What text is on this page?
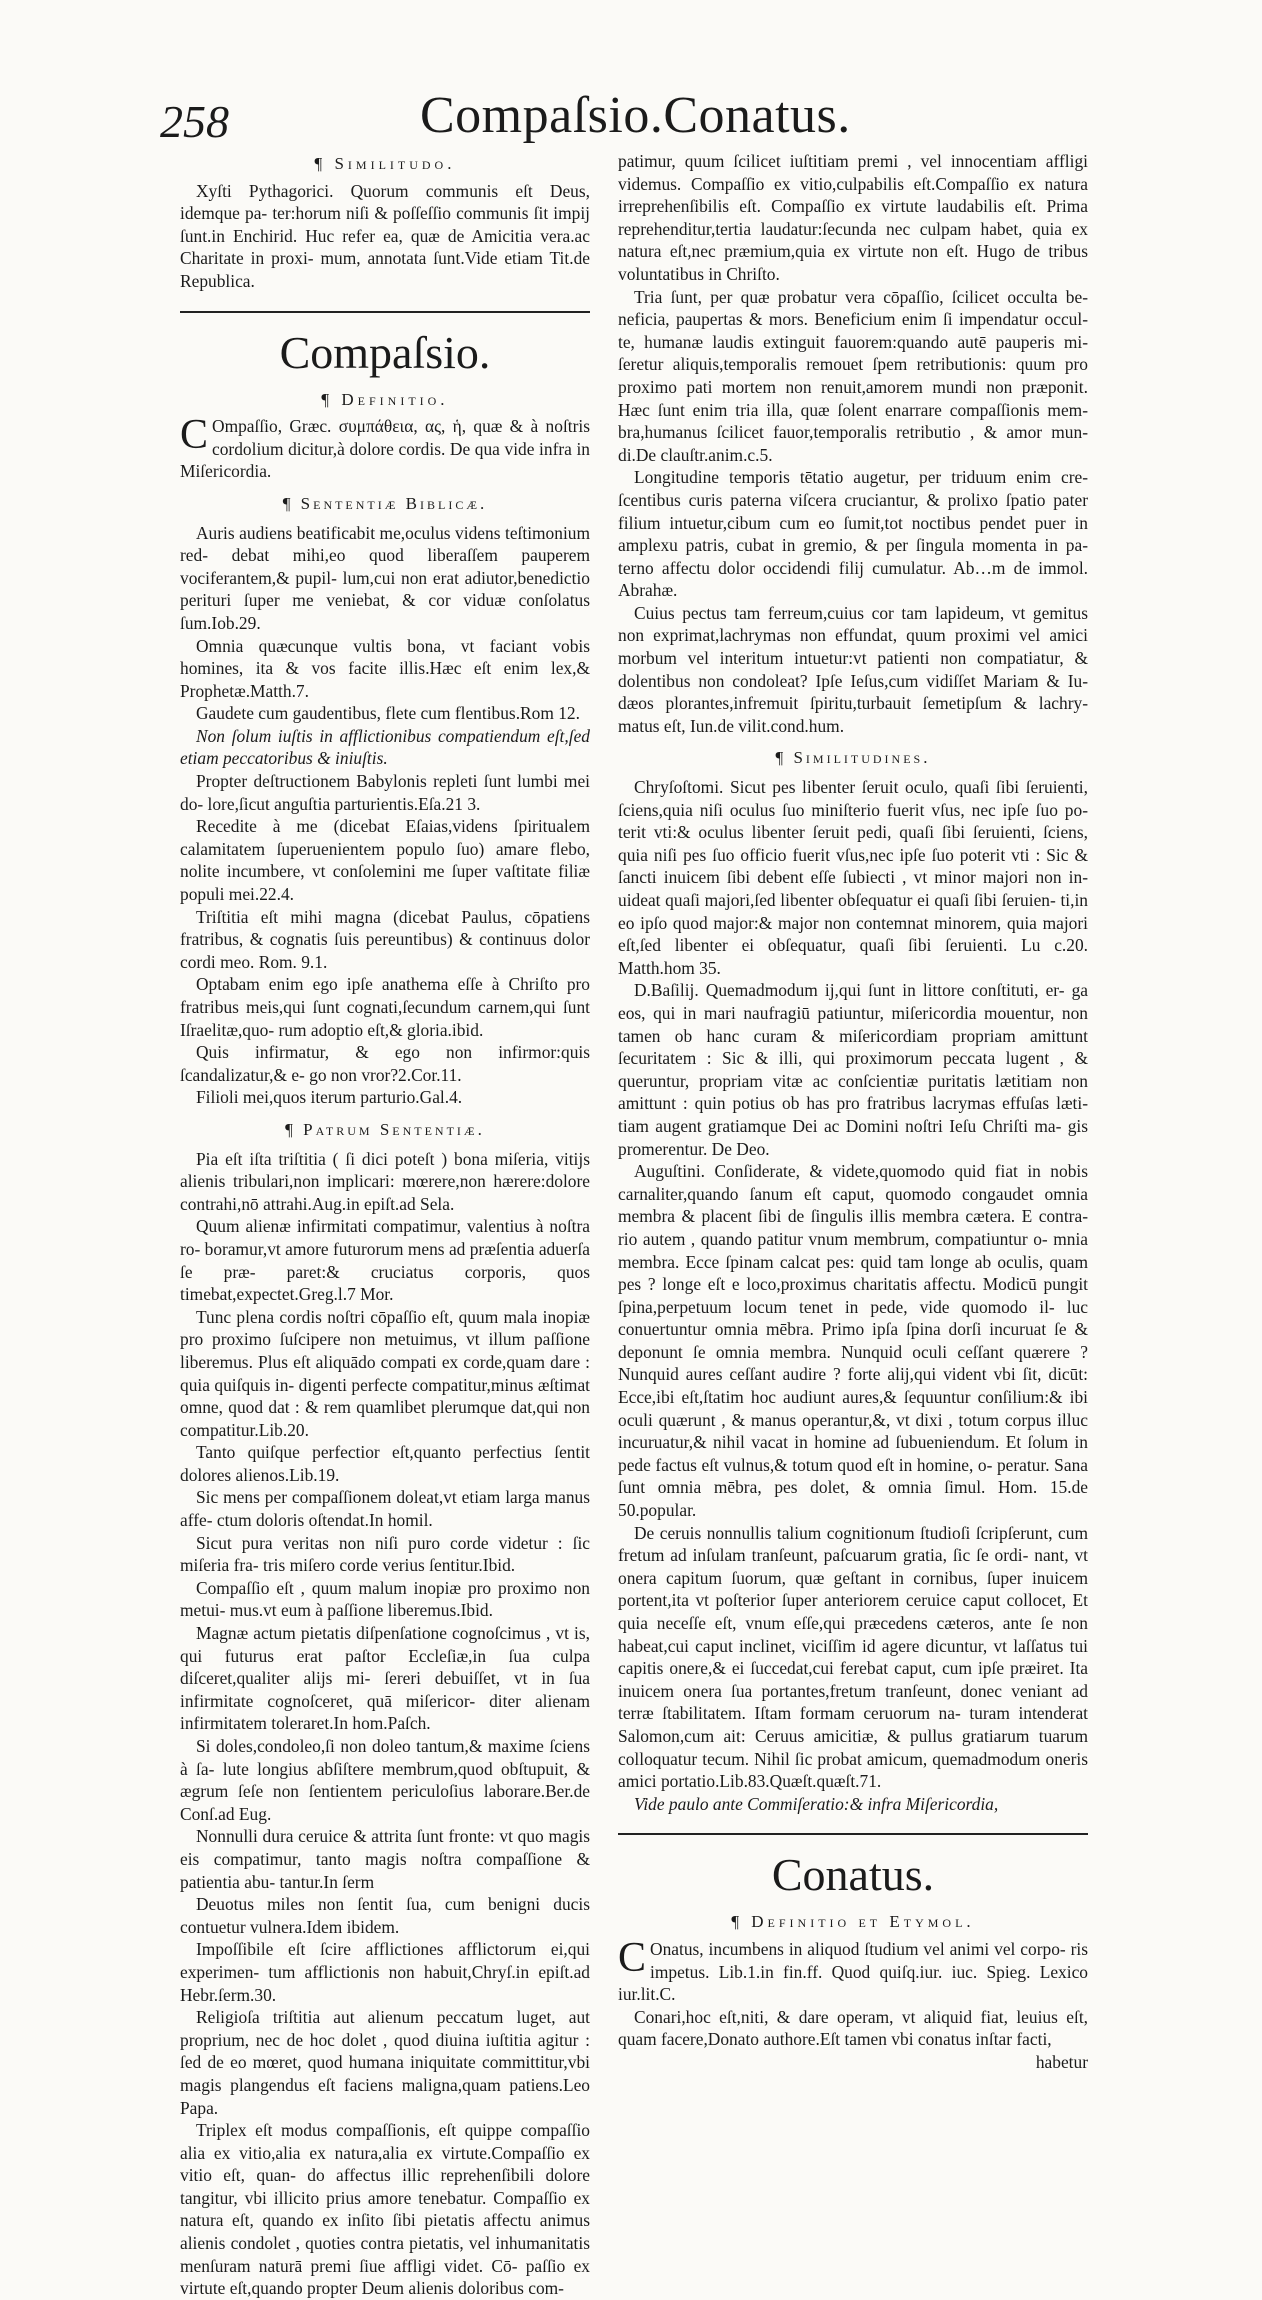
258	Compaſsio.Conatus.
¶ Similitudo.

Xyſti Pythagorici. Quorum communis eſt Deus, idemque pa- ter:horum niſi & poſſeſſio communis ſit impij ſunt.in Enchirid. Huc refer ea, quæ de Amicitia vera.ac Charitate in proxi- mum, annotata ſunt.Vide etiam Tit.de Republica.

Compaſsio.
¶ Definitio.

C Ompaſſio, Græc. συμπάθεια, ας, ἡ, quæ & à noſtris cordolium dicitur,à dolore cordis. De qua vide infra in Miſericordia.

¶ Sententiæ Biblicæ.

Auris audiens beatificabit me,oculus videns teſtimonium red- debat mihi,eo quod liberaſſem pauperem vociferantem,& pupil- lum,cui non erat adiutor,benedictio perituri ſuper me veniebat, & cor viduæ conſolatus ſum.Iob.29.

Omnia quæcunque vultis bona, vt faciant vobis homines, ita & vos facite illis.Hæc eſt enim lex,& Prophetæ.Matth.7.

Gaudete cum gaudentibus, flete cum flentibus.Rom 12.

Non ſolum iuſtis in afflictionibus compatiendum eſt,ſed etiam peccatoribus & iniuſtis.

Propter deſtructionem Babylonis repleti ſunt lumbi mei do- lore,ſicut anguſtia parturientis.Eſa.21 3.

Recedite à me (dicebat Eſaias,videns ſpiritualem calamitatem ſuperuenientem populo ſuo) amare flebo, nolite incumbere, vt conſolemini me ſuper vaſtitate filiæ populi mei.22.4.

Triſtitia eſt mihi magna (dicebat Paulus, cōpatiens fratribus, & cognatis ſuis pereuntibus) & continuus dolor cordi meo. Rom. 9.1.

Optabam enim ego ipſe anathema eſſe à Chriſto pro fratribus meis,qui ſunt cognati,ſecundum carnem,qui ſunt Iſraelitæ,quo- rum adoptio eſt,& gloria.ibid.

Quis infirmatur, & ego non infirmor:quis ſcandalizatur,& e- go non vror?2.Cor.11.

Filioli mei,quos iterum parturio.Gal.4.

¶ Patrum Sententiæ.

Pia eſt iſta triſtitia ( ſi dici poteſt ) bona miſeria, vitijs alienis tribulari,non implicari: mœrere,non hærere:dolore contrahi,nō attrahi.Aug.in epiſt.ad Sela.

Quum alienæ infirmitati compatimur, valentius à noſtra ro- boramur,vt amore futurorum mens ad præſentia aduerſa ſe præ- paret:& cruciatus corporis, quos timebat,expectet.Greg.l.7 Mor.

Tunc plena cordis noſtri cōpaſſio eſt, quum mala inopiæ pro proximo ſuſcipere non metuimus, vt illum paſſione liberemus. Plus eſt aliquādo compati ex corde,quam dare : quia quiſquis in- digenti perfecte compatitur,minus æſtimat omne, quod dat : & rem quamlibet plerumque dat,qui non compatitur.Lib.20.

Tanto quiſque perfectior eſt,quanto perfectius ſentit dolores alienos.Lib.19.

Sic mens per compaſſionem doleat,vt etiam larga manus affe- ctum doloris oſtendat.In homil.

Sicut pura veritas non niſi puro corde videtur : ſic miſeria fra- tris miſero corde verius ſentitur.Ibid.

Compaſſio eſt , quum malum inopiæ pro proximo non metui- mus.vt eum à paſſione liberemus.Ibid.

Magnæ actum pietatis diſpenſatione cognoſcimus , vt is, qui futurus erat paſtor Eccleſiæ,in ſua culpa diſceret,qualiter alijs mi- ſereri debuiſſet, vt in ſua infirmitate cognoſceret, quā miſericor- diter alienam infirmitatem toleraret.In hom.Paſch.

Si doles,condoleo,ſi non doleo tantum,& maxime ſciens à ſa- lute longius abſiſtere membrum,quod obſtupuit, & ægrum ſeſe non ſentientem periculoſius laborare.Ber.de Conſ.ad Eug.

Nonnulli dura ceruice & attrita ſunt fronte: vt quo magis eis compatimur, tanto magis noſtra compaſſione & patientia abu- tantur.In ſerm

Deuotus miles non ſentit ſua, cum benigni ducis contuetur vulnera.Idem ibidem.

Impoſſibile eſt ſcire afflictiones afflictorum ei,qui experimen- tum afflictionis non habuit,Chryſ.in epiſt.ad Hebr.ſerm.30.

Religioſa triſtitia aut alienum peccatum luget, aut proprium, nec de hoc dolet , quod diuina iuſtitia agitur : ſed de eo mœret, quod humana iniquitate committitur,vbi magis plangendus eſt faciens maligna,quam patiens.Leo Papa.

Triplex eſt modus compaſſionis, eſt quippe compaſſio alia ex vitio,alia ex natura,alia ex virtute.Compaſſio ex vitio eſt, quan- do affectus illic reprehenſibili dolore tangitur, vbi illicito prius amore tenebatur. Compaſſio ex natura eſt, quando ex inſito ſibi pietatis affectu animus alienis condolet , quoties contra pietatis, vel inhumanitatis menſuram naturā premi ſiue affligi videt. Cō- paſſio ex virtute eſt,quando propter Deum alienis doloribus com-

patimur, quum ſcilicet iuſtitiam premi , vel innocentiam affligi videmus. Compaſſio ex vitio,culpabilis eſt.Compaſſio ex natura irreprehenſibilis eſt. Compaſſio ex virtute laudabilis eſt. Prima reprehenditur,tertia laudatur:ſecunda nec culpam habet, quia ex natura eſt,nec præmium,quia ex virtute non eſt. Hugo de tribus voluntatibus in Chriſto.

Tria ſunt, per quæ probatur vera cōpaſſio, ſcilicet occulta be- neficia, paupertas & mors. Beneficium enim ſi impendatur occul- te, humanæ laudis extinguit fauorem:quando autē pauperis mi- ſeretur aliquis,temporalis remouet ſpem retributionis: quum pro proximo pati mortem non renuit,amorem mundi non præponit. Hæc ſunt enim tria illa, quæ ſolent enarrare compaſſionis mem- bra,humanus ſcilicet fauor,temporalis retributio , & amor mun- di.De clauſtr.anim.c.5.

Longitudine temporis tētatio augetur, per triduum enim cre- ſcentibus curis paterna viſcera cruciantur, & prolixo ſpatio pater filium intuetur,cibum cum eo ſumit,tot noctibus pendet puer in amplexu patris, cubat in gremio, & per ſingula momenta in pa- terno affectu dolor occidendi filij cumulatur. Ab…m de immol. Abrahæ.

Cuius pectus tam ferreum,cuius cor tam lapideum, vt gemitus non exprimat,lachrymas non effundat, quum proximi vel amici morbum vel interitum intuetur:vt patienti non compatiatur, & dolentibus non condoleat? Ipſe Ieſus,cum vidiſſet Mariam & Iu- dæos plorantes,infremuit ſpiritu,turbauit ſemetipſum & lachry- matus eſt, Iun.de vilit.cond.hum.

¶ Similitudines.

Chryſoſtomi. Sicut pes libenter ſeruit oculo, quaſi ſibi ſeruienti, ſciens,quia niſi oculus ſuo miniſterio fuerit vſus, nec ipſe ſuo po- terit vti:& oculus libenter ſeruit pedi, quaſi ſibi ſeruienti, ſciens, quia niſi pes ſuo officio fuerit vſus,nec ipſe ſuo poterit vti : Sic & ſancti inuicem ſibi debent eſſe ſubiecti , vt minor majori non in- uideat quaſi majori,ſed libenter obſequatur ei quaſi ſibi ſeruien- ti,in eo ipſo quod major:& major non contemnat minorem, quia majori eſt,ſed libenter ei obſequatur, quaſi ſibi ſeruienti. Lu c.20. Matth.hom 35.

D.Baſilij. Quemadmodum ij,qui ſunt in littore conſtituti, er- ga eos, qui in mari naufragiū patiuntur, miſericordia mouentur, non tamen ob hanc curam & miſericordiam propriam amittunt ſecuritatem : Sic & illi, qui proximorum peccata lugent , & queruntur, propriam vitæ ac conſcientiæ puritatis lætitiam non amittunt : quin potius ob has pro fratribus lacrymas effuſas læti- tiam augent gratiamque Dei ac Domini noſtri Ieſu Chriſti ma- gis promerentur. De Deo.

Auguſtini. Conſiderate, & videte,quomodo quid fiat in nobis carnaliter,quando ſanum eſt caput, quomodo congaudet omnia membra & placent ſibi de ſingulis illis membra cætera. E contra- rio autem , quando patitur vnum membrum, compatiuntur o- mnia membra. Ecce ſpinam calcat pes: quid tam longe ab oculis, quam pes ? longe eſt e loco,proximus charitatis affectu. Modicū pungit ſpina,perpetuum locum tenet in pede, vide quomodo il- luc conuertuntur omnia mēbra. Primo ipſa ſpina dorſi incuruat ſe & deponunt ſe omnia membra. Nunquid oculi ceſſant quærere ? Nunquid aures ceſſant audire ? forte alij,qui vident vbi ſit, dicūt: Ecce,ibi eſt,ſtatim hoc audiunt aures,& ſequuntur conſilium:& ibi oculi quærunt , & manus operantur,&, vt dixi , totum corpus illuc incuruatur,& nihil vacat in homine ad ſubueniendum. Et ſolum in pede factus eſt vulnus,& totum quod eſt in homine, o- peratur. Sana ſunt omnia mēbra, pes dolet, & omnia ſimul. Hom. 15.de 50.popular.

De ceruis nonnullis talium cognitionum ſtudioſi ſcripſerunt, cum fretum ad inſulam tranſeunt, paſcuarum gratia, ſic ſe ordi- nant, vt onera capitum ſuorum, quæ geſtant in cornibus, ſuper inuicem portent,ita vt poſterior ſuper anteriorem ceruice caput collocet, Et quia neceſſe eſt, vnum eſſe,qui præcedens cæteros, ante ſe non habeat,cui caput inclinet, viciſſim id agere dicuntur, vt laſſatus tui capitis onere,& ei ſuccedat,cui ferebat caput, cum ipſe præiret. Ita inuicem onera ſua portantes,fretum tranſeunt, donec veniant ad terræ ſtabilitatem. Iſtam formam ceruorum na- turam intenderat Salomon,cum ait: Ceruus amicitiæ, & pullus gratiarum tuarum colloquatur tecum. Nihil ſic probat amicum, quemadmodum oneris amici portatio.Lib.83.Quæſt.quæſt.71.

Vide paulo ante Commiſeratio:& infra Miſericordia,

Conatus.
¶ Definitio et Etymol.

C Onatus, incumbens in aliquod ſtudium vel animi vel corpo- ris impetus. Lib.1.in fin.ff. Quod quiſq.iur. iuc. Spieg. Lexico iur.lit.C.

Conari,hoc eſt,niti, & dare operam, vt aliquid fiat, leuius eſt, quam facere,Donato authore.Eſt tamen vbi conatus inſtar facti,

habetur
